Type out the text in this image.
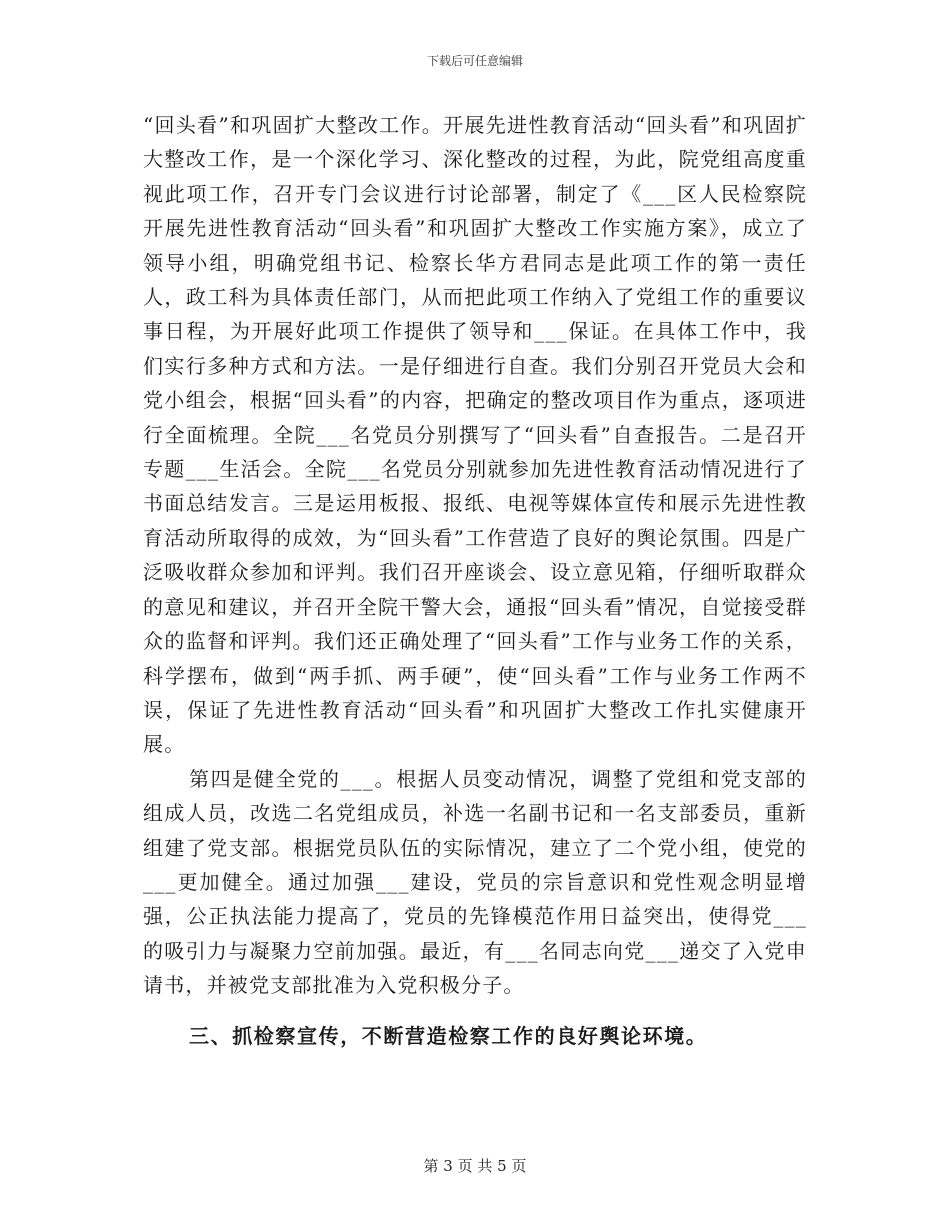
下载后可任意编辑

“回头看”和巩固扩大整改工作。开展先进性教育活动“回头看”和巩固扩大整改工作，是一个深化学习、深化整改的过程，为此，院党组高度重视此项工作，召开专门会议进行讨论部署，制定了《___区人民检察院开展先进性教育活动“回头看”和巩固扩大整改工作实施方案》，成立了领导小组，明确党组书记、检察长华方君同志是此项工作的第一责任人，政工科为具体责任部门，从而把此项工作纳入了党组工作的重要议事日程，为开展好此项工作提供了领导和___保证。在具体工作中，我们实行多种方式和方法。一是仔细进行自查。我们分别召开党员大会和党小组会，根据“回头看”的内容，把确定的整改项目作为重点，逐项进行全面梳理。全院___名党员分别撰写了“回头看”自查报告。二是召开专题___生活会。全院___名党员分别就参加先进性教育活动情况进行了书面总结发言。三是运用板报、报纸、电视等媒体宣传和展示先进性教育活动所取得的成效，为“回头看”工作营造了良好的舆论氛围。四是广泛吸收群众参加和评判。我们召开座谈会、设立意见箱，仔细听取群众的意见和建议，并召开全院干警大会，通报“回头看”情况，自觉接受群众的监督和评判。我们还正确处理了“回头看”工作与业务工作的关系，科学摆布，做到“两手抓、两手硬”，使“回头看”工作与业务工作两不误，保证了先进性教育活动“回头看”和巩固扩大整改工作扎实健康开展。

第四是健全党的___。根据人员变动情况，调整了党组和党支部的组成人员，改选二名党组成员，补选一名副书记和一名支部委员，重新组建了党支部。根据党员队伍的实际情况，建立了二个党小组，使党的___更加健全。通过加强___建设，党员的宗旨意识和党性观念明显增强，公正执法能力提高了，党员的先锋模范作用日益突出，使得党___的吸引力与凝聚力空前加强。最近，有___名同志向党___递交了入党申请书，并被党支部批准为入党积极分子。

三、抓检察宣传，不断营造检察工作的良好舆论环境。

第 3 页 共 5 页
